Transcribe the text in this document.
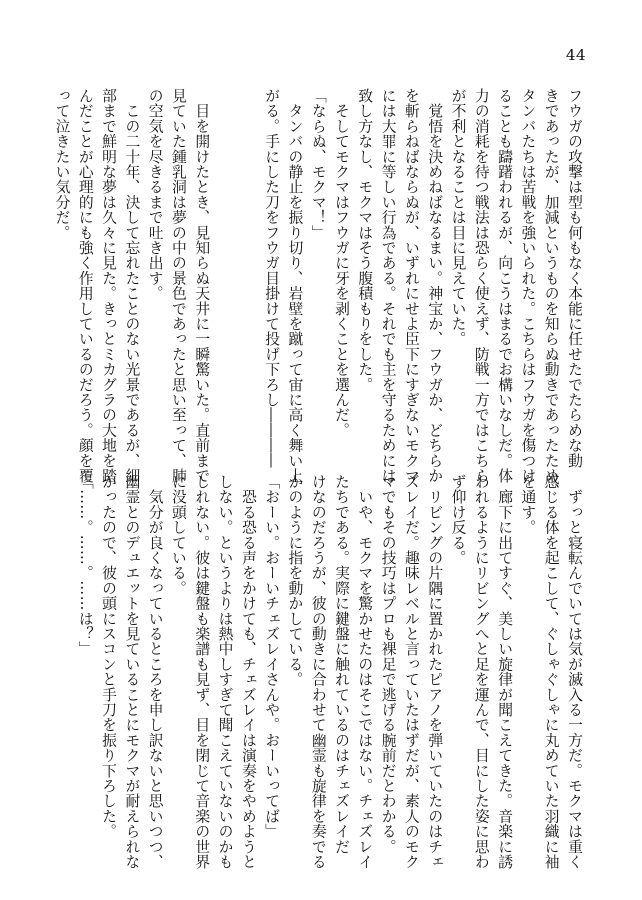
44
フウガの攻撃は型も何もなく本能に任せたでたらめな動
きであったが、加減というものを知らぬ動きであったため、
タンバたちは苦戦を強いられた。こちらはフウガを傷つけ
ることも躊躇われるが、向こうはまるでお構いなしだ。体
力の消耗を待つ戦法は恐らく使えず、防戦一方ではこちら
が不利となることは目に見えていた。
　覚悟を決めねばなるまい。神宝か、フウガか、どちらか
を斬らねばならぬが、いずれにせよ臣下にすぎないモクマ
には大罪に等しい行為である。それでも主を守るためには
致し方なし、モクマはそう腹積もりをした。
　そしてモクマはフウガに牙を剥くことを選んだ。
「ならぬ、モクマ！」
　タンバの静止を振り切り、岩壁を蹴って宙に高く舞い上
がる。手にした刀をフウガ目掛けて投げ下ろし――――

　目を開けたとき、見知らぬ天井に一瞬驚いた。直前まで
見ていた鍾乳洞は夢の中の景色であったと思い至って、肺
の空気を尽きるまで吐き出す。
　この二十年、決して忘れたことのない光景であるが、細
部まで鮮明な夢は久々に見た。きっとミカグラの大地を踏
んだことが心理的にも強く作用しているのだろう。顔を覆
って泣きたい気分だ。
　ずっと寝転んでいては気が滅入る一方だ。モクマは重く
感じる体を起こして、ぐしゃぐしゃに丸めていた羽織に袖
を通す。
　廊下に出てすぐ、美しい旋律が聞こえてきた。音楽に誘
われるようにリビングへと足を運んで、目にした姿に思わ
ず仰け反る。
　リビングの片隅に置かれたピアノを弾いていたのはチェ
ズレイだ。趣味レベルと言っていたはずだが、素人のモク
マでもその技巧はプロも裸足で逃げる腕前だとわかる。
　いや、モクマを驚かせたのはそこではない。チェズレイ
たちである。実際に鍵盤に触れているのはチェズレイだ
けなのだろうが、彼の動きに合わせて幽霊も旋律を奏でる
かのように指を動かしている。
「おーい。おーいチェズレイさんや。おーいってば」
　恐る恐る声をかけても、チェズレイは演奏をやめようと
しない。というよりは熱中しすぎて聞こえていないのかも
しれない。彼は鍵盤も楽譜も見ず、目を閉じて音楽の世界
に没頭している。
　気分が良くなっているところを申し訳ないと思いつつ、
幽霊とのデュエットを見ていることにモクマが耐えられな
かったので、彼の頭にスコンと手刀を振り下ろした。
「……。……。……は？」
